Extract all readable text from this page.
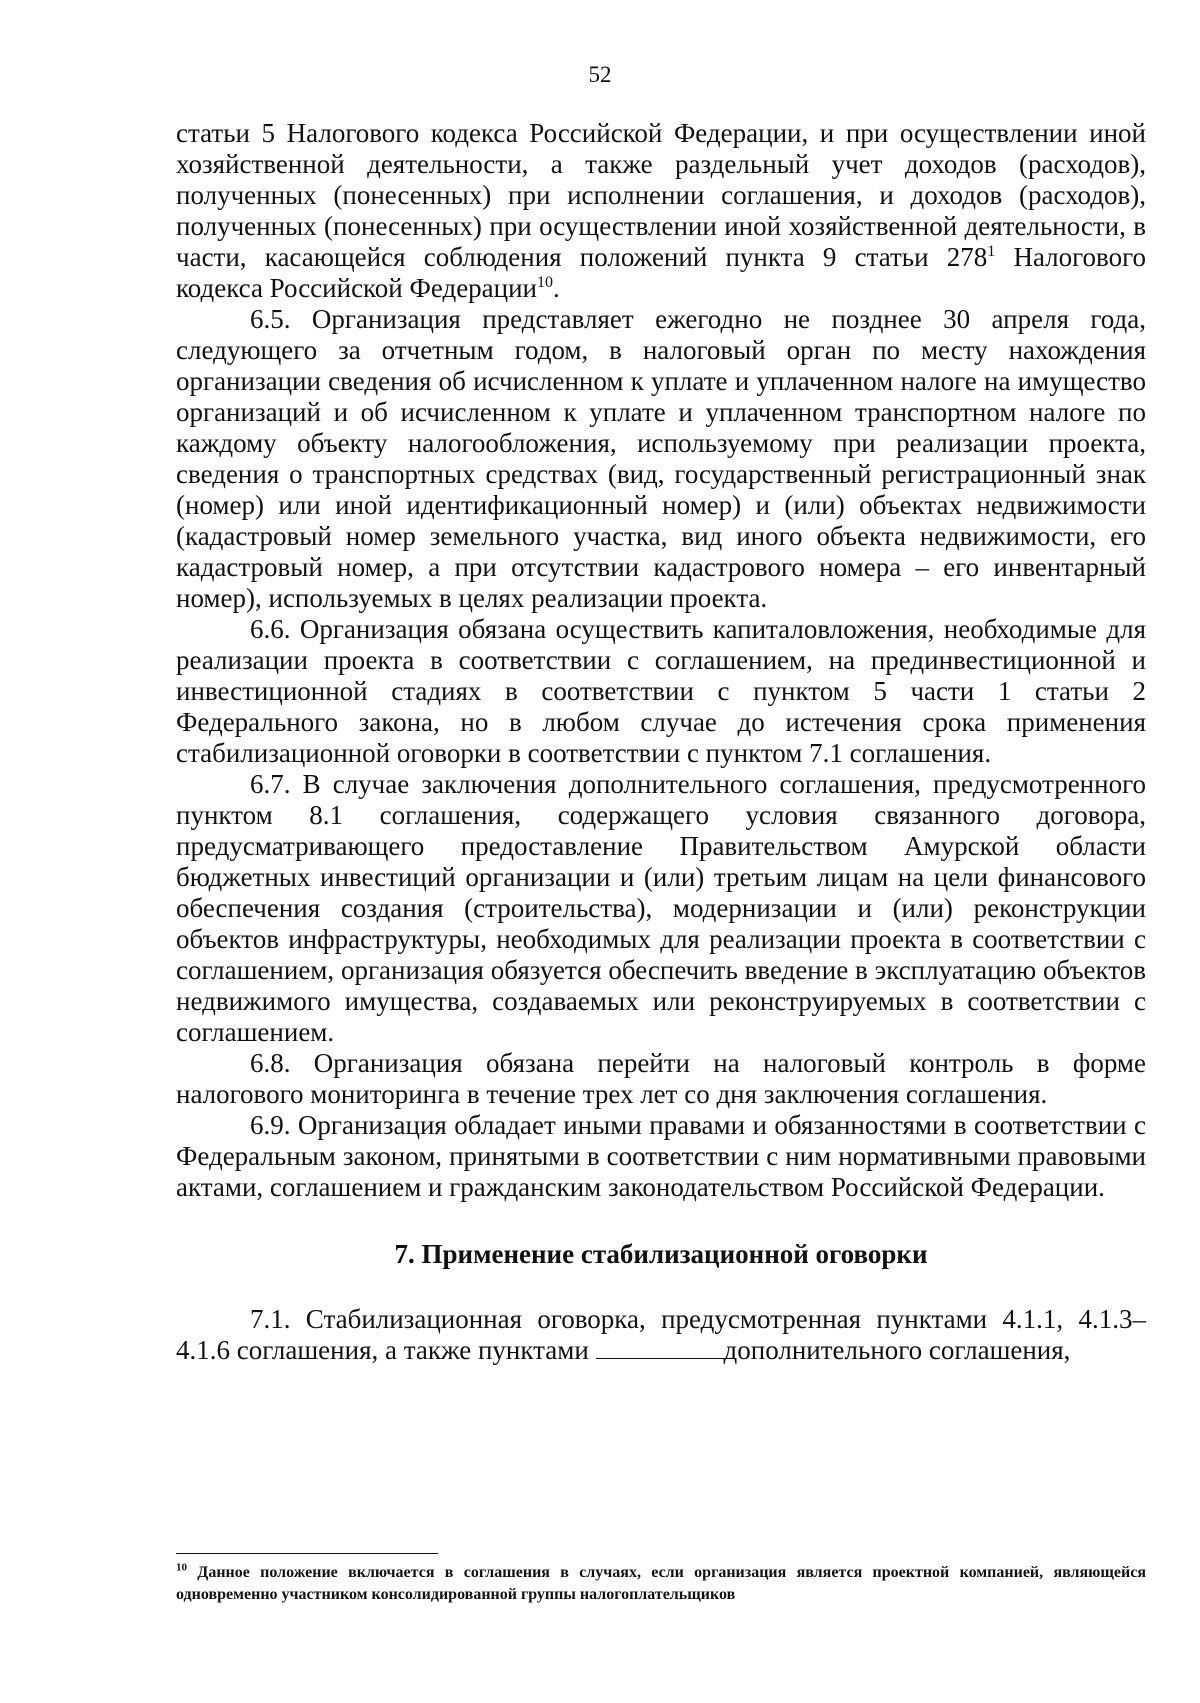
52

статьи 5 Налогового кодекса Российской Федерации, и при осуществлении иной хозяйственной деятельности, а также раздельный учет доходов (расходов), полученных (понесенных) при исполнении соглашения, и доходов (расходов), полученных (понесенных) при осуществлении иной хозяйственной деятельности, в части, касающейся соблюдения положений пункта 9 статьи $278^1$ Налогового кодекса Российской Федерации$^{10}$.

6.5. Организация представляет ежегодно не позднее 30 апреля года, следующего за отчетным годом, в налоговый орган по месту нахождения организации сведения об исчисленном к уплате и уплаченном налоге на имущество организаций и об исчисленном к уплате и уплаченном транспортном налоге по каждому объекту налогообложения, используемому при реализации проекта, сведения о транспортных средствах (вид, государственный регистрационный знак (номер) или иной идентификационный номер) и (или) объектах недвижимости (кадастровый номер земельного участка, вид иного объекта недвижимости, его кадастровый номер, а при отсутствии кадастрового номера – его инвентарный номер), используемых в целях реализации проекта.

6.6. Организация обязана осуществить капиталовложения, необходимые для реализации проекта в соответствии с соглашением, на прединвестиционной и инвестиционной стадиях в соответствии с пунктом 5 части 1 статьи 2 Федерального закона, но в любом случае до истечения срока применения стабилизационной оговорки в соответствии с пунктом 7.1 соглашения.

6.7. В случае заключения дополнительного соглашения, предусмотренного пунктом 8.1 соглашения, содержащего условия связанного договора, предусматривающего предоставление Правительством Амурской области бюджетных инвестиций организации и (или) третьим лицам на цели финансового обеспечения создания (строительства), модернизации и (или) реконструкции объектов инфраструктуры, необходимых для реализации проекта в соответствии с соглашением, организация обязуется обеспечить введение в эксплуатацию объектов недвижимого имущества, создаваемых или реконструируемых в соответствии с соглашением.

6.8. Организация обязана перейти на налоговый контроль в форме налогового мониторинга в течение трех лет со дня заключения соглашения.

6.9. Организация обладает иными правами и обязанностями в соответствии с Федеральным законом, принятыми в соответствии с ним нормативными правовыми актами, соглашением и гражданским законодательством Российской Федерации.

7. Применение стабилизационной оговорки

7.1. Стабилизационная оговорка, предусмотренная пунктами 4.1.1, 4.1.3–4.1.6 соглашения, а также пунктами	дополнительного соглашения,

$^{10}$ Данное положение включается в соглашения в случаях, если организация является проектной компанией, являющейся одновременно участником консолидированной группы налогоплательщиков
